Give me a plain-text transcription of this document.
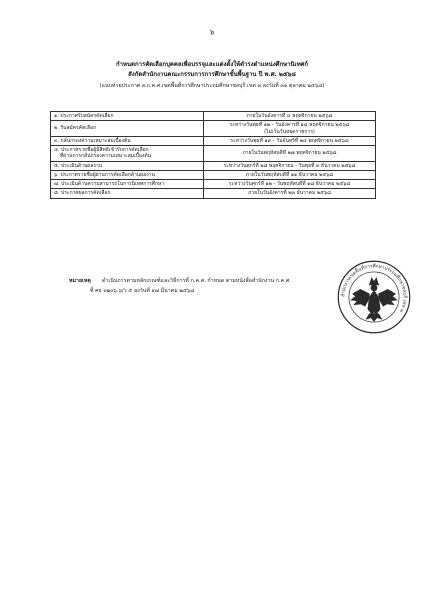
๖
กำหนดการคัดเลือกบุคคลเพื่อบรรจุและแต่งตั้งให้ดำรงตำแหน่งศึกษานิเทศก์
สังกัดสำนักงานคณะกรรมการการศึกษาขั้นพื้นฐาน ปี พ.ศ. ๒๕๖๘
(แนบท้ายประกาศ อ.ก.ค.ศ.เขตพื้นที่การศึกษาประถมศึกษาชลบุรี เขต ๓ ลงวันที่ ๓๑ ตุลาคม ๒๕๖๘)
๑. ประกาศรับสมัครคัดเลือก	ภายในวันอังคารที่ ๔ พฤศจิกายน ๒๕๖๘
๒. รับสมัครคัดเลือก	ระหว่างวันพุธที่ ๑๒ - วันอังคารที่ ๑๘ พฤศจิกายน ๒๕๖๘
(ไม่เว้นวันหยุดราชการ)

๓. กลั่นกรองความเหมาะสมเบื้องต้น	ระหว่างวันพุธที่ ๑๙ - วันจันทร์ที่ ๒๔ พฤศจิกายน ๒๕๖๘

๔. ประกาศรายชื่อผู้มีสิทธิเข้ารับการคัดเลือก
ที่ผ่านการกลั่นกรองความเหมาะสมเบื้องต้น	ภายในวันพฤหัสบดีที่ ๒๗ พฤศจิกายน ๒๕๖๘
๕. ประเมินด้านผลงาน	ระหว่างวันศุกร์ที่ ๒๘ พฤศจิกายน - วันพุธที่ ๓ ธันวาคม ๒๕๖๘
๖. ประกาศรายชื่อผู้ผ่านการคัดเลือกด้านผลงาน	ภายในวันพฤหัสบดีที่ ๑๑ ธันวาคม ๒๕๖๘
๗. ประเมินด้านความสามารถในการนิเทศการศึกษา	ระหว่างวันศุกร์ที่ ๑๒ - วันพฤหัสบดีที่ ๑๘ ธันวาคม ๒๕๖๘
๘. ประกาศผลการคัดเลือก	ภายในวันอังคารที่ ๒๓ ธันวาคม ๒๕๖๘
หมายเหตุ ดำเนินการตามหลักเกณฑ์และวิธีการที่ ก.ค.ศ. กำหนด ตามหนังสือสำนักงาน ก.ค.ศ.
ที่ ศธ ๐๒๐๖.๖/ว ๕ ลงวันที่ ๑๗ มีนาคม ๒๕๖๘
สำนักงานเขตพื้นที่การศึกษาประถมศึกษาชลบุรี เขต ๓
